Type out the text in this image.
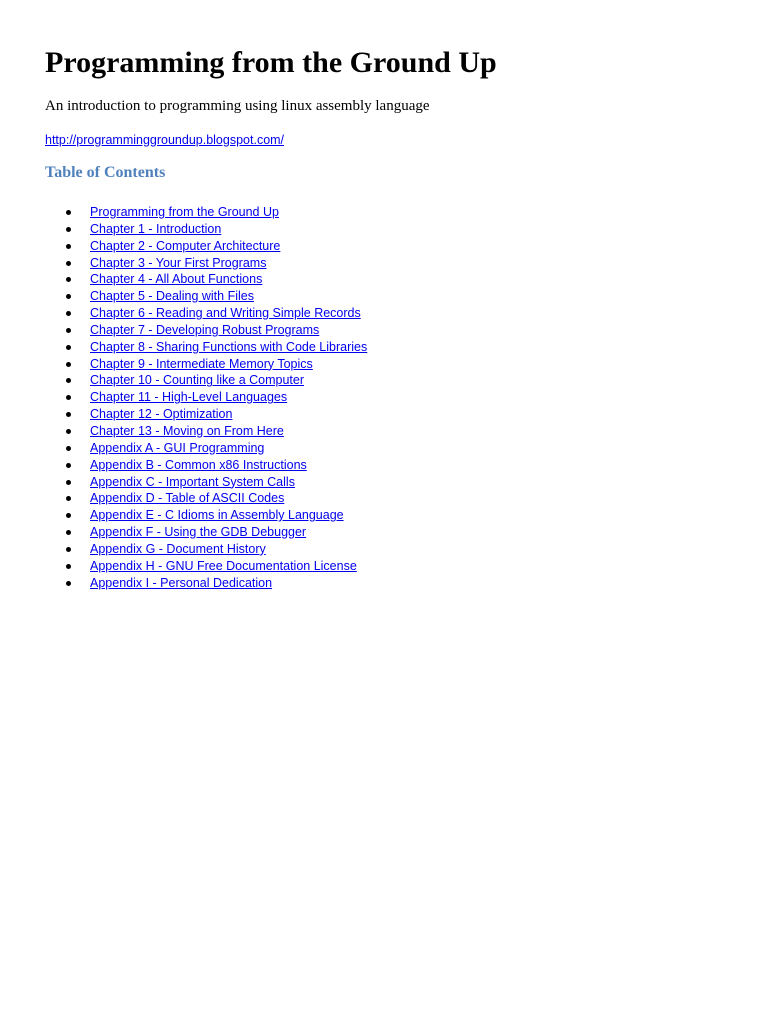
Programming from the Ground Up

An introduction to programming using linux assembly language

http://programminggroundup.blogspot.com/
Table of Contents
Programming from the Ground Up
Chapter 1 - Introduction
Chapter 2 - Computer Architecture
Chapter 3 - Your First Programs
Chapter 4 - All About Functions
Chapter 5 - Dealing with Files
Chapter 6 - Reading and Writing Simple Records
Chapter 7 - Developing Robust Programs
Chapter 8 - Sharing Functions with Code Libraries
Chapter 9 - Intermediate Memory Topics
Chapter 10 - Counting like a Computer
Chapter 11 - High-Level Languages
Chapter 12 - Optimization
Chapter 13 - Moving on From Here
Appendix A - GUI Programming
Appendix B - Common x86 Instructions
Appendix C - Important System Calls
Appendix D - Table of ASCII Codes
Appendix E - C Idioms in Assembly Language
Appendix F - Using the GDB Debugger
Appendix G - Document History
Appendix H - GNU Free Documentation License
Appendix I - Personal Dedication
